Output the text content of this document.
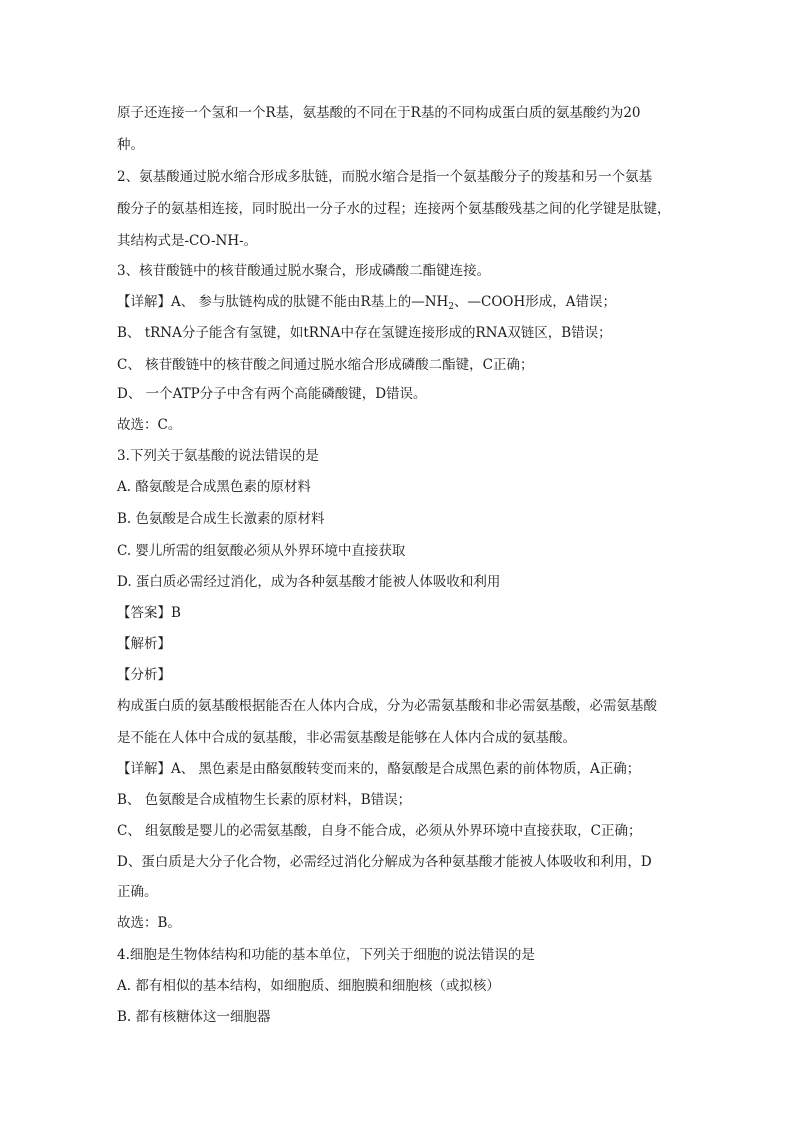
原子还连接一个氢和一个R基，氨基酸的不同在于R基的不同构成蛋白质的氨基酸约为20
种。
2、氨基酸通过脱水缩合形成多肽链，而脱水缩合是指一个氨基酸分子的羧基和另一个氨基
酸分子的氨基相连接，同时脱出一分子水的过程；连接两个氨基酸残基之间的化学键是肽键，
其结构式是-CO-NH-。
3、核苷酸链中的核苷酸通过脱水聚合，形成磷酸二酯键连接。
【详解】A、 参与肽链构成的肽键不能由R基上的$—NH_2$、—COOH形成，A错误；
B、 tRNA分子能含有氢键，如tRNA中存在氢键连接形成的RNA双链区，B错误；
C、 核苷酸链中的核苷酸之间通过脱水缩合形成磷酸二酯键，C正确；
D、 一个ATP分子中含有两个高能磷酸键，D错误。
故选：C。
3.下列关于氨基酸的说法错误的是
A. 酪氨酸是合成黑色素的原材料
B. 色氨酸是合成生长激素的原材料
C. 婴儿所需的组氨酸必须从外界环境中直接获取
D. 蛋白质必需经过消化，成为各种氨基酸才能被人体吸收和利用
【答案】B
【解析】
【分析】
构成蛋白质的氨基酸根据能否在人体内合成，分为必需氨基酸和非必需氨基酸，必需氨基酸
是不能在人体中合成的氨基酸，非必需氨基酸是能够在人体内合成的氨基酸。
【详解】A、 黑色素是由酪氨酸转变而来的，酪氨酸是合成黑色素的前体物质，A正确；
B、 色氨酸是合成植物生长素的原材料，B错误；
C、 组氨酸是婴儿的必需氨基酸，自身不能合成，必须从外界环境中直接获取，C正确；
D、蛋白质是大分子化合物，必需经过消化分解成为各种氨基酸才能被人体吸收和利用，D
正确。
故选：B。
4.细胞是生物体结构和功能的基本单位，下列关于细胞的说法错误的是
A. 都有相似的基本结构，如细胞质、细胞膜和细胞核（或拟核）
B. 都有核糖体这一细胞器
